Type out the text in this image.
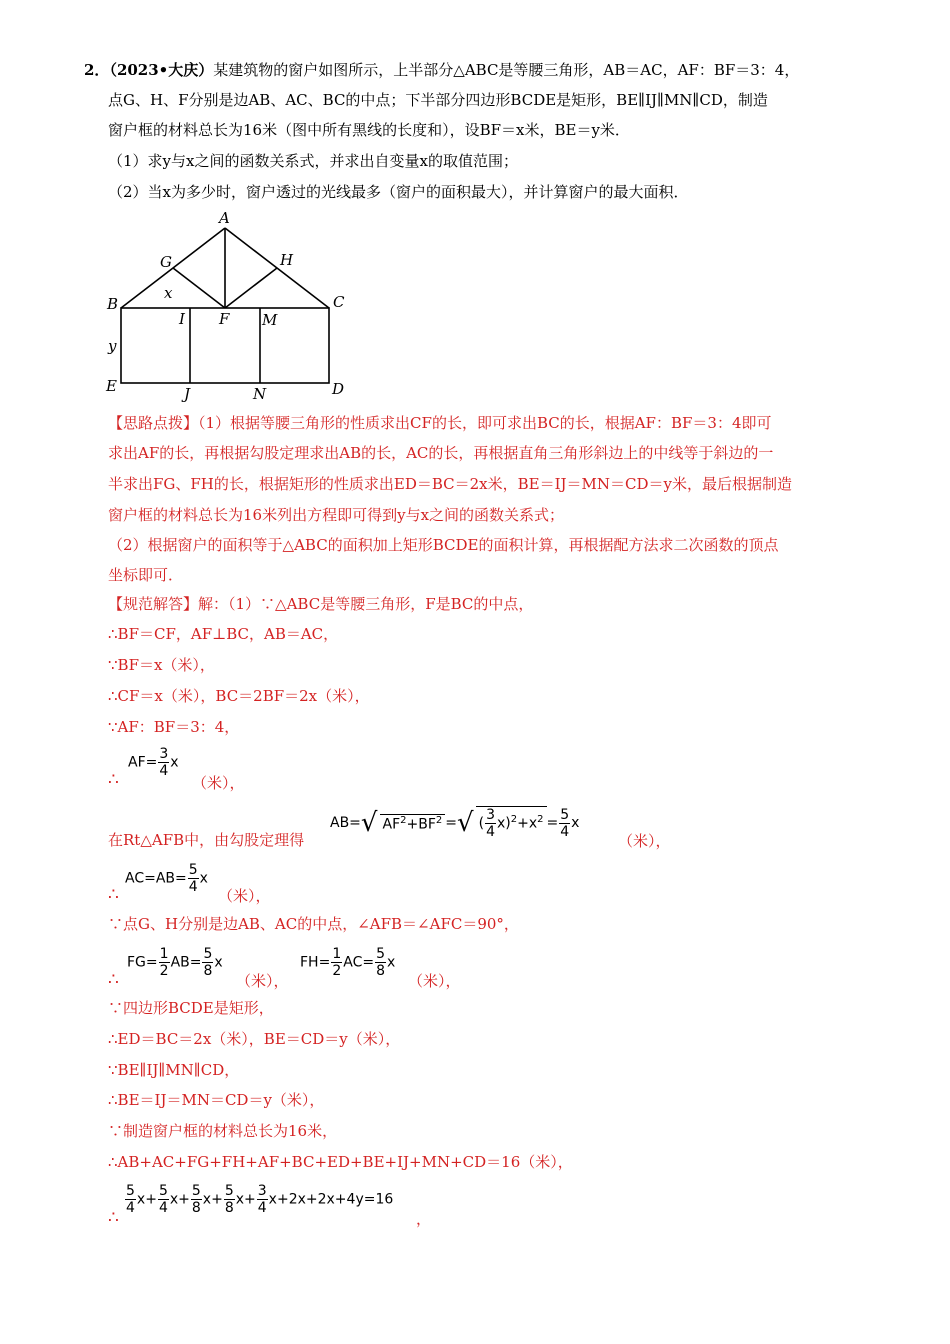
2．（2023•大庆）某建筑物的窗户如图所示，上半部分△ABC是等腰三角形，AB＝AC，AF：BF＝3：4，
点G、H、F分别是边AB、AC、BC的中点；下半部分四边形BCDE是矩形，BE∥IJ∥MN∥CD，制造
窗户框的材料总长为16米（图中所有黑线的长度和），设BF＝x米，BE＝y米．
（1）求y与x之间的函数关系式，并求出自变量x的取值范围；
（2）当x为多少时，窗户透过的光线最多（窗户的面积最大），并计算窗户的最大面积．
A
G	H
x
B	C
I F M
y
E	J	N	D
【思路点拨】（1）根据等腰三角形的性质求出CF的长，即可求出BC的长，根据AF：BF＝3：4即可
求出AF的长，再根据勾股定理求出AB的长，AC的长，再根据直角三角形斜边上的中线等于斜边的一
半求出FG、FH的长，根据矩形的性质求出ED＝BC＝2x米，BE＝IJ＝MN＝CD＝y米，最后根据制造
窗户框的材料总长为16米列出方程即可得到y与x之间的函数关系式；
（2）根据窗户的面积等于△ABC的面积加上矩形BCDE的面积计算，再根据配方法求二次函数的顶点
坐标即可．
【规范解答】解：（1）∵△ABC是等腰三角形，F是BC的中点，
∴BF＝CF，AF⊥BC，AB＝AC，
∵BF＝x（米），
∴CF＝x（米），BC＝2BF＝2x（米），
∵AF：BF＝3：4，
∴
$AF= \frac{3}{4}$ x
（米），
在Rt△AFB中，由勾股定理得
AB=√ $AF^2+BF^2$ =√ ( $\frac{3}{4} x)^2+x^2 = \frac{5}{4}$ x
（米），
∴
$AC=AB= \frac{5}{4}$ x
（米），
∵点G、H分别是边AB、AC的中点，∠AFB＝∠AFC＝90°，
∴
$FG= \frac{1}{2} AB= \frac{5}{8}$ x
（米），
$FH= \frac{1}{2} AC= \frac{5}{8}$ x
（米），
∵四边形BCDE是矩形，
∴ED＝BC＝2x（米），BE＝CD＝y（米），
∵BE∥IJ∥MN∥CD，
∴BE＝IJ＝MN＝CD＝y（米），
∵制造窗户框的材料总长为16米，
∴AB+AC+FG+FH+AF+BC+ED+BE+IJ+MN+CD＝16（米），
∴
$\frac{5}{4} x+ \frac{5}{4} x+ \frac{5}{8} x+ \frac{5}{8} x+ \frac{3}{4} x+2x+2x+4y=16$
，
